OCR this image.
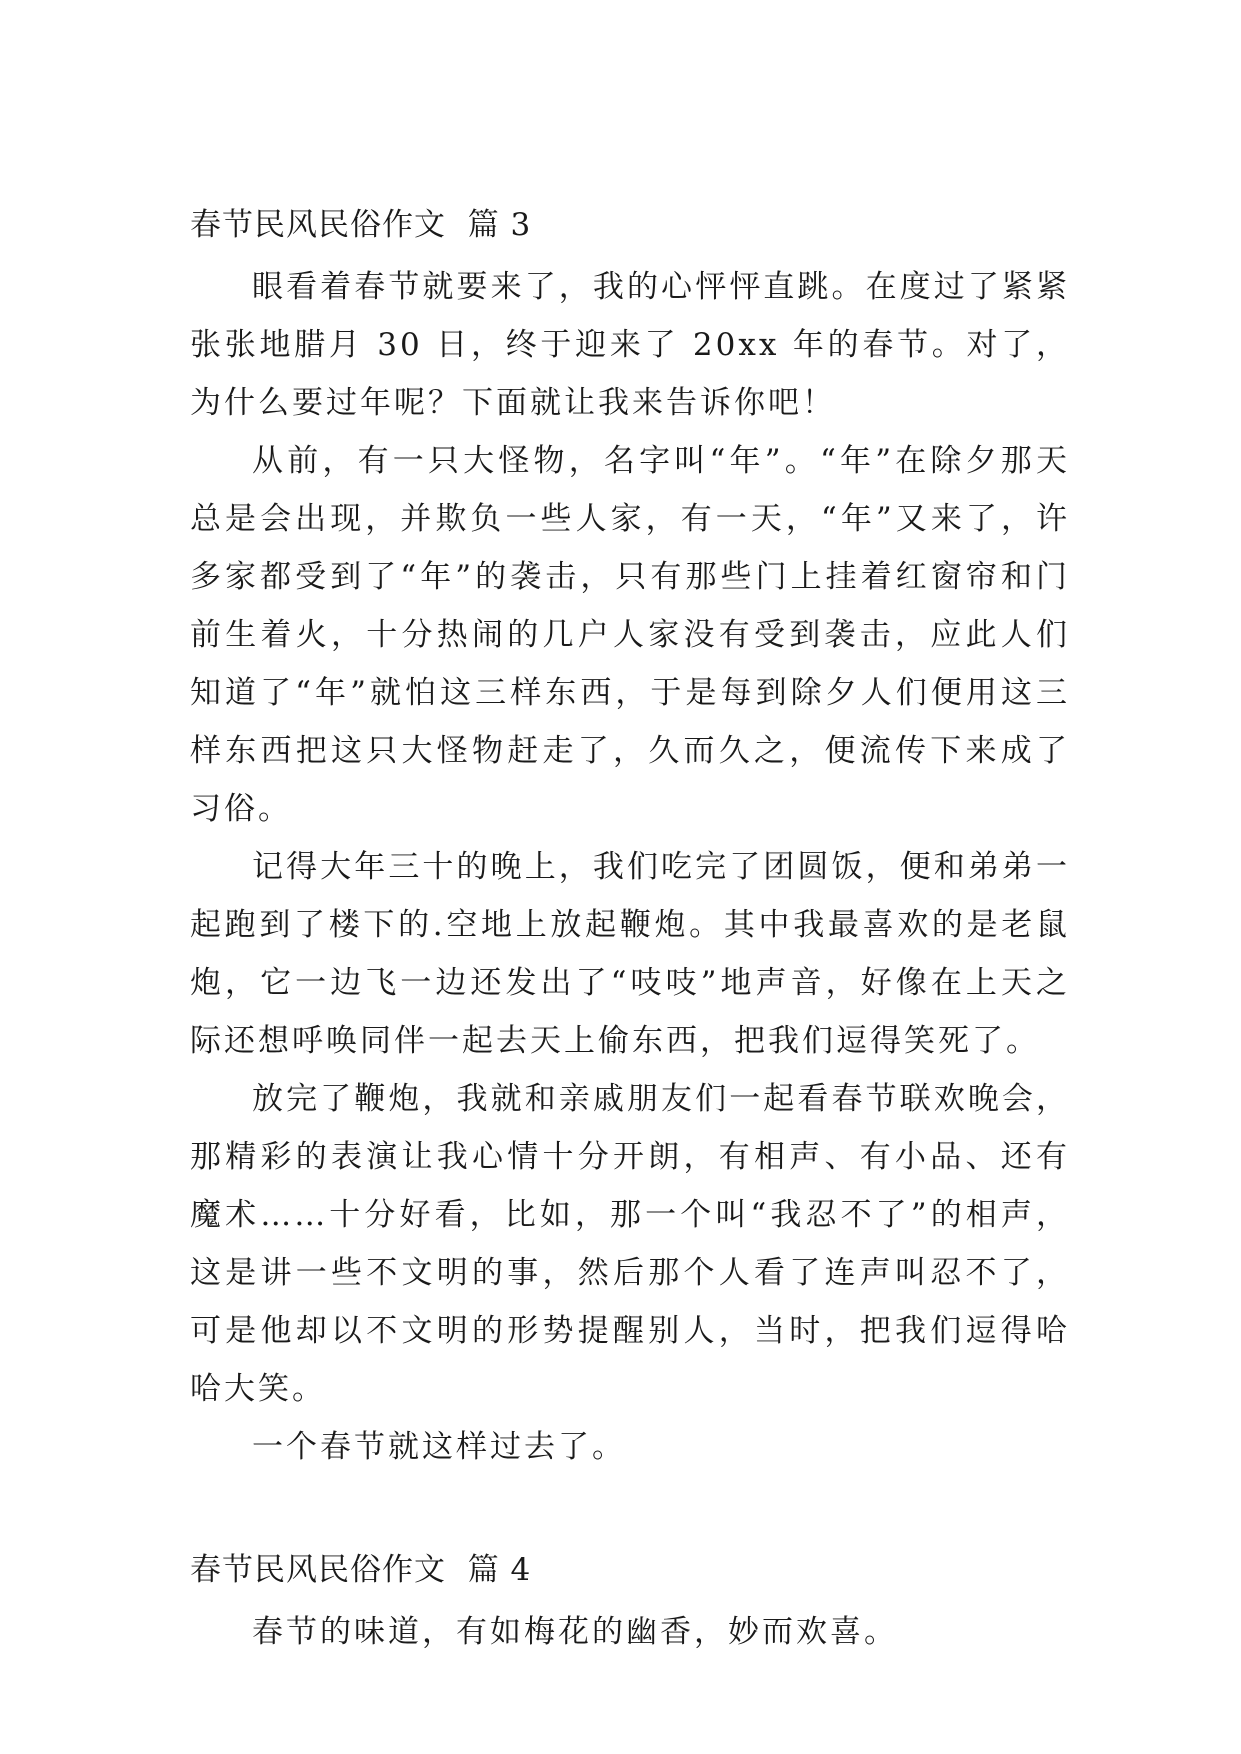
春节民风民俗作文  篇 3

眼看着春节就要来了，我的心怦怦直跳。在度过了紧紧张张地腊月 30 日，终于迎来了 20xx 年的春节。对了，为什么要过年呢？下面就让我来告诉你吧！

从前，有一只大怪物，名字叫“年”。“年”在除夕那天总是会出现，并欺负一些人家，有一天，“年”又来了，许多家都受到了“年”的袭击，只有那些门上挂着红窗帘和门前生着火，十分热闹的几户人家没有受到袭击，应此人们知道了“年”就怕这三样东西，于是每到除夕人们便用这三样东西把这只大怪物赶走了，久而久之，便流传下来成了习俗。

记得大年三十的晚上，我们吃完了团圆饭，便和弟弟一起跑到了楼下的.空地上放起鞭炮。其中我最喜欢的是老鼠炮，它一边飞一边还发出了“吱吱”地声音，好像在上天之际还想呼唤同伴一起去天上偷东西，把我们逗得笑死了。

放完了鞭炮，我就和亲戚朋友们一起看春节联欢晚会，那精彩的表演让我心情十分开朗，有相声、有小品、还有魔术……十分好看，比如，那一个叫“我忍不了”的相声，这是讲一些不文明的事，然后那个人看了连声叫忍不了，可是他却以不文明的形势提醒别人，当时，把我们逗得哈哈大笑。

一个春节就这样过去了。

春节民风民俗作文  篇 4

春节的味道，有如梅花的幽香，妙而欢喜。
